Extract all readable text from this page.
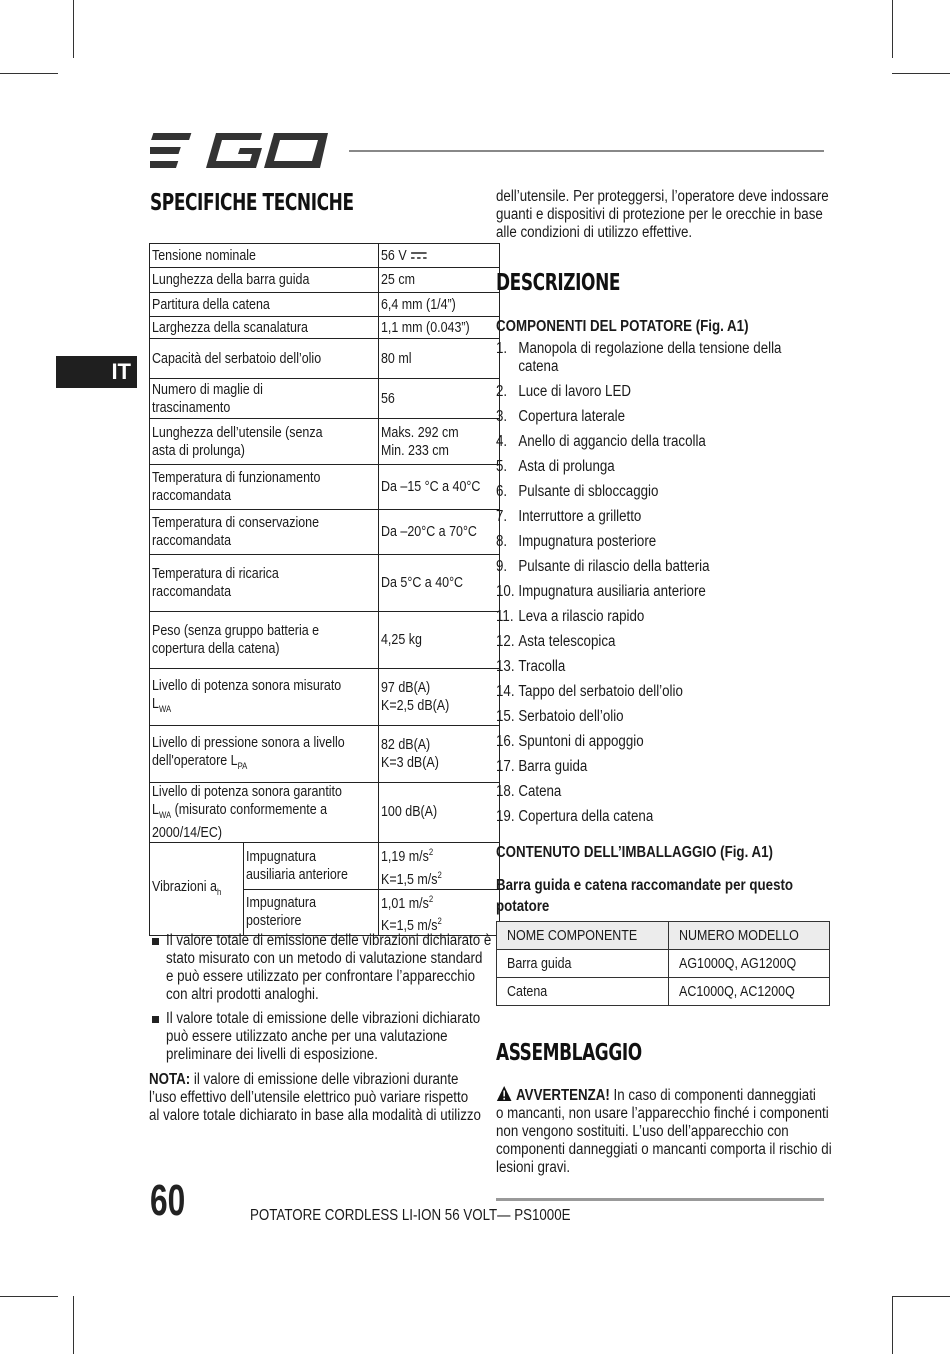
IT
SPECIFICHE TECNICHE
Tensione nominale		56 V

Lunghezza della barra guida		25 cm

Partitura della catena		6,4 mm (1/4”)

Larghezza della scanalatura		1,1 mm (0.043”)

Capacità del serbatoio dell’olio		80 ml

Numero di maglie di
trascinamento		56

Lunghezza dell’utensile (senza
asta di prolunga)		Maks. 292 cm
Min. 233 cm

Temperatura di funzionamento
raccomandata		Da –15 °C a 40°C

Temperatura di conservazione
raccomandata		Da –20°C a 70°C

Temperatura di ricarica
raccomandata		Da 5°C a 40°C

Peso (senza gruppo batteria e
copertura della catena)		4,25 kg

Livello di potenza sonora misurato
$L_{WA}$		97 dB(A)
K=2,5 dB(A)

Livello di pressione sonora a livello
dell'operatore $L_{PA}$		82 dB(A)
K=3 dB(A)

Livello di potenza sonora garantito
$L_{WA}$ (misurato conformemente a
2000/14/EC)		100 dB(A)

Vibrazioni $a_h$	Impugnatura
ausiliaria anteriore	1,19 $m/s^2$
K=1,5 $m/s^2$

	Impugnatura
posteriore	1,01 $m/s^2$
K=1,5 $m/s^2$
Il valore totale di emissione delle vibrazioni dichiarato è
stato misurato con un metodo di valutazione standard
e può essere utilizzato per confrontare l’apparecchio
con altri prodotti analoghi.
Il valore totale di emissione delle vibrazioni dichiarato
può essere utilizzato anche per una valutazione
preliminare dei livelli di esposizione.
NOTA: il valore di emissione delle vibrazioni durante
l’uso effettivo dell’utensile elettrico può variare rispetto
al valore totale dichiarato in base alla modalità di utilizzo
dell’utensile. Per proteggersi, l’operatore deve indossare
guanti e dispositivi di protezione per le orecchie in base
alle condizioni di utilizzo effettive.
DESCRIZIONE
COMPONENTI DEL POTATORE (Fig. A1)
1. Manopola di regolazione della tensione della
catena
2. Luce di lavoro LED
3. Copertura laterale
4. Anello di aggancio della tracolla
5. Asta di prolunga
6. Pulsante di sbloccaggio
7. Interruttore a grilletto
8. Impugnatura posteriore
9. Pulsante di rilascio della batteria
10. Impugnatura ausiliaria anteriore
11. Leva a rilascio rapido
12. Asta telescopica
13. Tracolla
14. Tappo del serbatoio dell’olio
15. Serbatoio dell’olio
16. Spuntoni di appoggio
17. Barra guida
18. Catena
19. Copertura della catena
CONTENUTO DELL’IMBALLAGGIO (Fig. A1)
Barra guida e catena raccomandate per questo
potatore
NOME COMPONENTE	NUMERO MODELLO

Barra guida	AG1000Q, AG1200Q

Catena	AC1000Q, AC1200Q
ASSEMBLAGGIO
AVVERTENZA! In caso di componenti danneggiati
o mancanti, non usare l’apparecchio finché i componenti
non vengono sostituiti. L’uso dell’apparecchio con
componenti danneggiati o mancanti comporta il rischio di
lesioni gravi.
60	POTATORE CORDLESS LI-ION 56 VOLT— PS1000E
